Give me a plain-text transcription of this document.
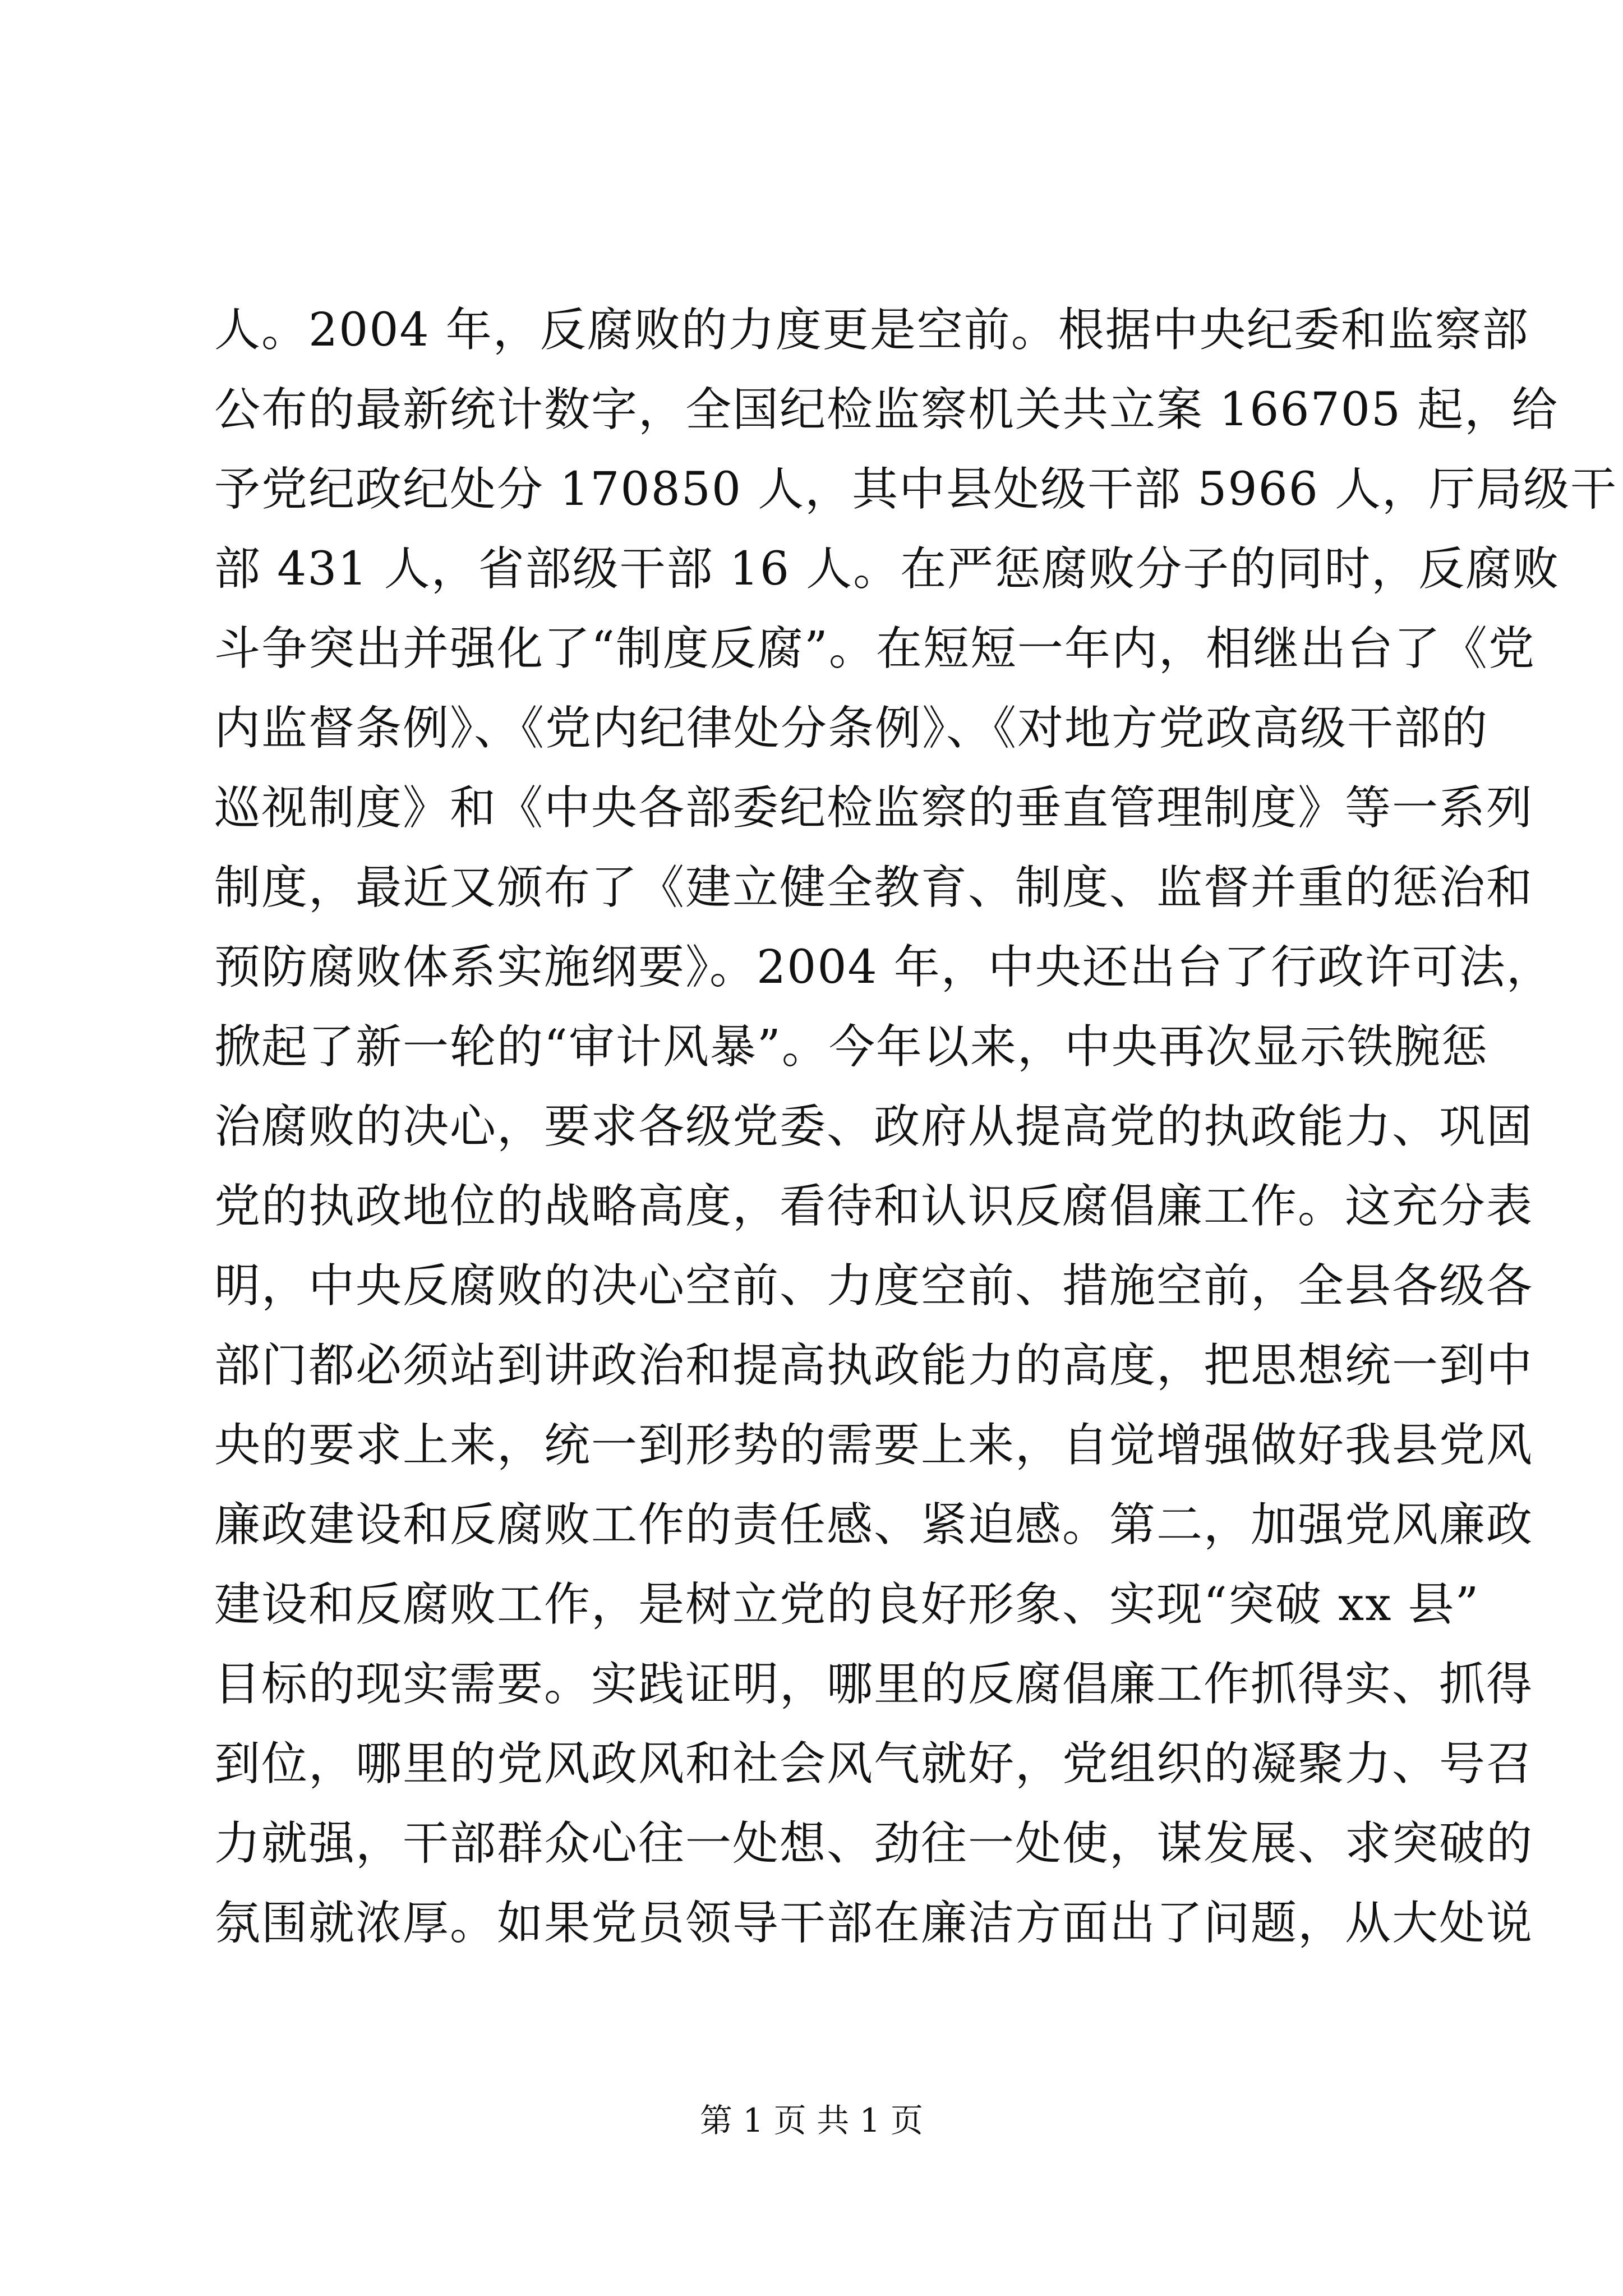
人。2004 年，反腐败的力度更是空前。根据中央纪委和监察部
公布的最新统计数字，全国纪检监察机关共立案 166705 起，给
予党纪政纪处分 170850 人，其中县处级干部 5966 人，厅局级干
部 431 人，省部级干部 16 人。在严惩腐败分子的同时，反腐败
斗争突出并强化了“制度反腐”。在短短一年内，相继出台了《党
内监督条例》、《党内纪律处分条例》、《对地方党政高级干部的
巡视制度》和《中央各部委纪检监察的垂直管理制度》等一系列
制度，最近又颁布了《建立健全教育、制度、监督并重的惩治和
预防腐败体系实施纲要》。2004 年，中央还出台了行政许可法，
掀起了新一轮的“审计风暴”。今年以来，中央再次显示铁腕惩
治腐败的决心，要求各级党委、政府从提高党的执政能力、巩固
党的执政地位的战略高度，看待和认识反腐倡廉工作。这充分表
明，中央反腐败的决心空前、力度空前、措施空前，全县各级各
部门都必须站到讲政治和提高执政能力的高度，把思想统一到中
央的要求上来，统一到形势的需要上来，自觉增强做好我县党风
廉政建设和反腐败工作的责任感、紧迫感。第二，加强党风廉政
建设和反腐败工作，是树立党的良好形象、实现“突破 xx 县”
目标的现实需要。实践证明，哪里的反腐倡廉工作抓得实、抓得
到位，哪里的党风政风和社会风气就好，党组织的凝聚力、号召
力就强，干部群众心往一处想、劲往一处使，谋发展、求突破的
氛围就浓厚。如果党员领导干部在廉洁方面出了问题，从大处说
第 1 页 共 1 页
